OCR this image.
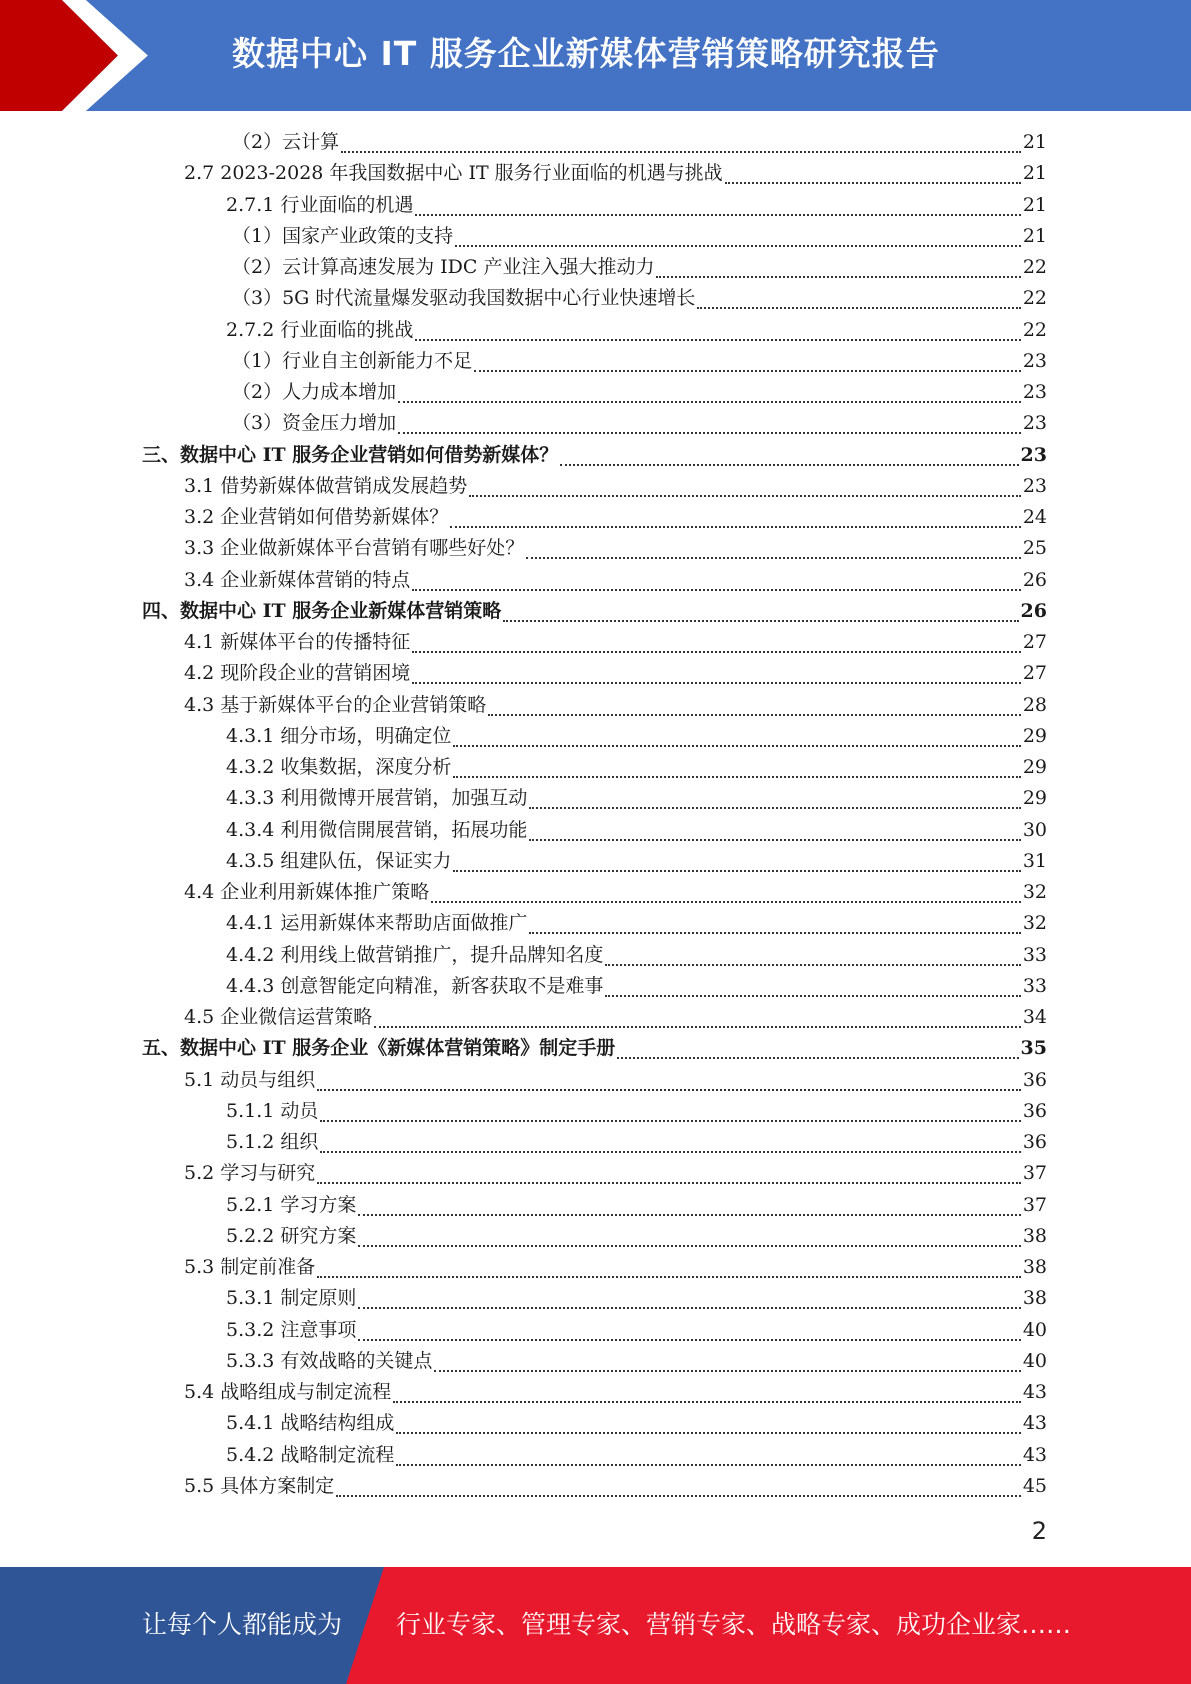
数据中心 IT 服务企业新媒体营销策略研究报告
（2）云计算	21
2.7 2023-2028 年我国数据中心 IT 服务行业面临的机遇与挑战	21
2.7.1 行业面临的机遇	21
（1）国家产业政策的支持	21
（2）云计算高速发展为 IDC 产业注入强大推动力	22
（3）5G 时代流量爆发驱动我国数据中心行业快速增长	22
2.7.2 行业面临的挑战	22
（1）行业自主创新能力不足	23
（2）人力成本增加	23
（3）资金压力增加	23
三、数据中心 IT 服务企业营销如何借势新媒体？	23
3.1 借势新媒体做营销成发展趋势	23
3.2 企业营销如何借势新媒体？	24
3.3 企业做新媒体平台营销有哪些好处？	25
3.4 企业新媒体营销的特点	26
四、数据中心 IT 服务企业新媒体营销策略	26
4.1 新媒体平台的传播特征	27
4.2 现阶段企业的营销困境	27
4.3 基于新媒体平台的企业营销策略	28
4.3.1 细分市场，明确定位	29
4.3.2 收集数据，深度分析	29
4.3.3 利用微博开展营销，加强互动	29
4.3.4 利用微信開展营销，拓展功能	30
4.3.5 组建队伍，保证实力	31
4.4 企业利用新媒体推广策略	32
4.4.1 运用新媒体来帮助店面做推广	32
4.4.2 利用线上做营销推广，提升品牌知名度	33
4.4.3 创意智能定向精准，新客获取不是难事	33
4.5 企业微信运营策略	34
五、数据中心 IT 服务企业《新媒体营销策略》制定手册	35
5.1 动员与组织	36
5.1.1 动员	36
5.1.2 组织	36
5.2 学习与研究	37
5.2.1 学习方案	37
5.2.2 研究方案	38
5.3 制定前准备	38
5.3.1 制定原则	38
5.3.2 注意事项	40
5.3.3 有效战略的关键点	40
5.4 战略组成与制定流程	43
5.4.1 战略结构组成	43
5.4.2 战略制定流程	43
5.5 具体方案制定	45
2
让每个人都能成为 行业专家、管理专家、营销专家、战略专家、成功企业家……
